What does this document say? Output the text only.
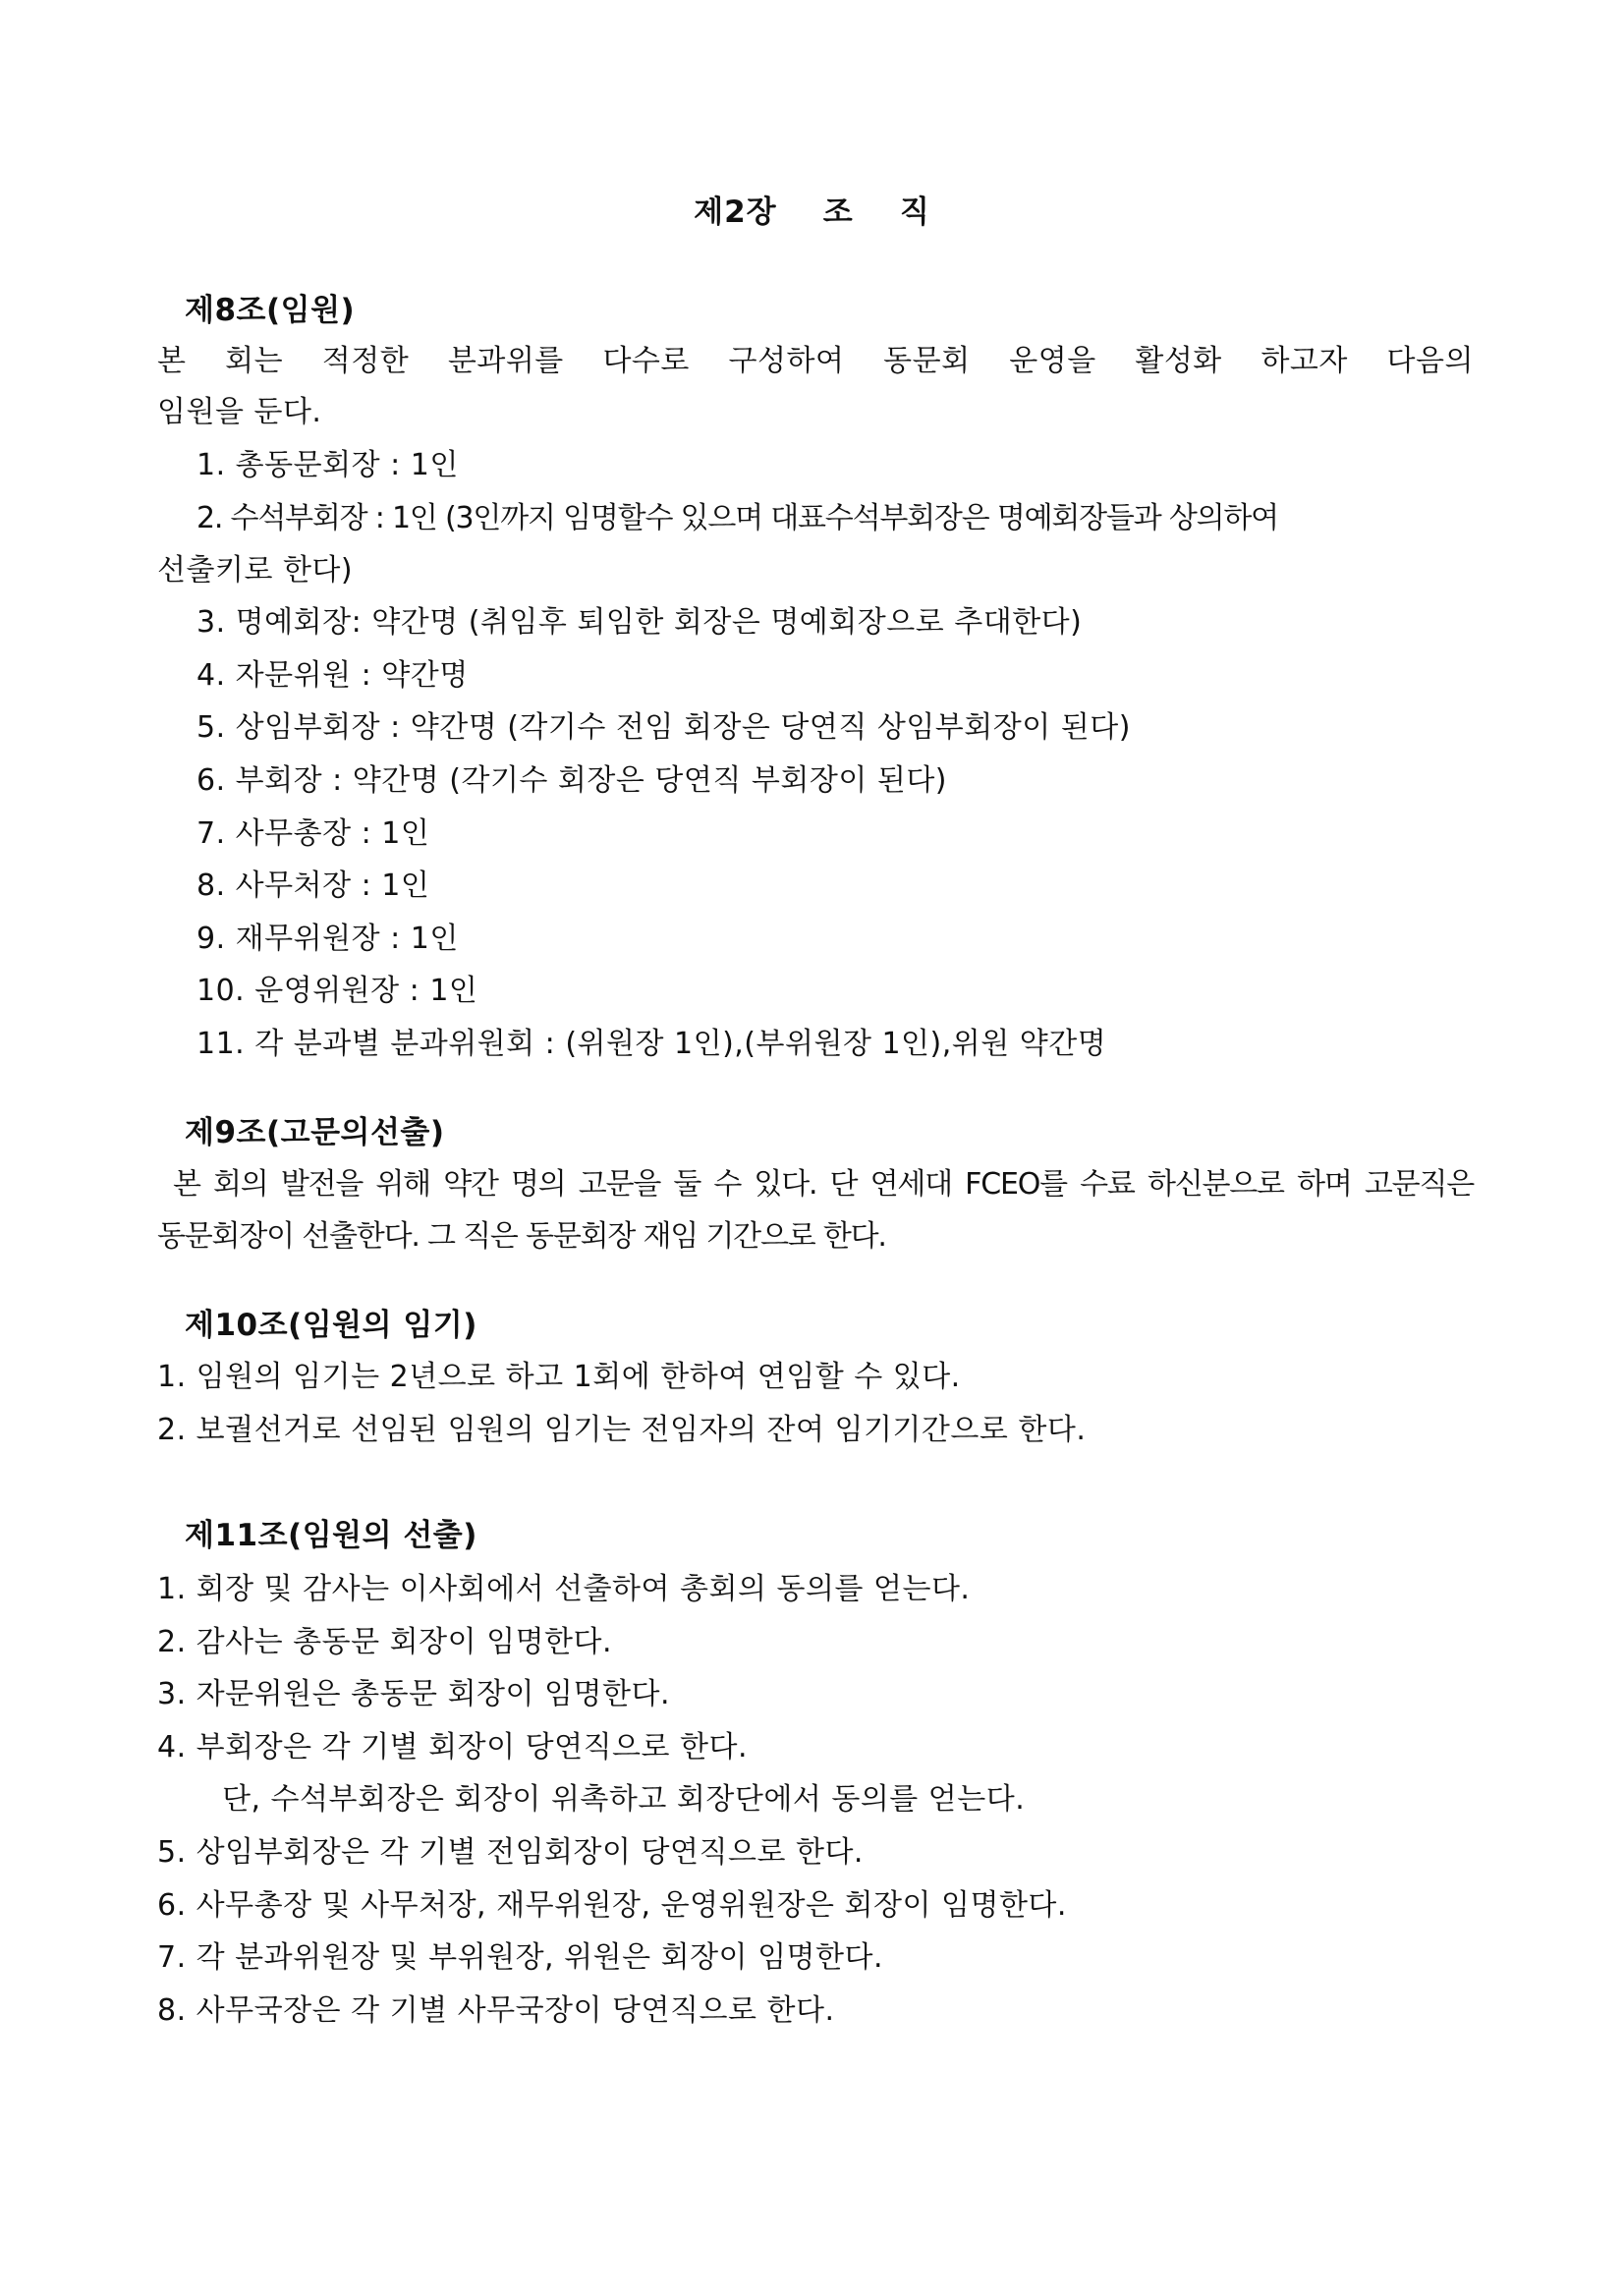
제2장    조    직
제8조(임원)
본 회는 적정한 분과위를 다수로 구성하여 동문회 운영을 활성화 하고자 다음의
임원을 둔다.
1. 총동문회장 : 1인
2. 수석부회장 : 1인 (3인까지 임명할수 있으며 대표수석부회장은 명예회장들과 상의하여
선출키로 한다)
3. 명예회장: 약간명 (취임후 퇴임한 회장은 명예회장으로 추대한다)
4. 자문위원 : 약간명
5. 상임부회장 : 약간명 (각기수 전임 회장은 당연직 상임부회장이 된다)
6. 부회장 : 약간명 (각기수 회장은 당연직 부회장이 된다)
7. 사무총장 : 1인
8. 사무처장 : 1인
9. 재무위원장 : 1인
10. 운영위원장 : 1인
11. 각 분과별 분과위원회 : (위원장 1인),(부위원장 1인),위원 약간명
제9조(고문의선출)
본 회의 발전을 위해 약간 명의 고문을 둘 수 있다. 단 연세대 FCEO를 수료 하신분으로 하며 고문직은
동문회장이 선출한다. 그 직은 동문회장 재임 기간으로 한다.
제10조(임원의 임기)
1. 임원의 임기는 2년으로 하고 1회에 한하여 연임할 수 있다.
2. 보궐선거로 선임된 임원의 임기는 전임자의 잔여 임기기간으로 한다.
제11조(임원의 선출)
1. 회장 및 감사는 이사회에서 선출하여 총회의 동의를 얻는다.
2. 감사는 총동문 회장이 임명한다.
3. 자문위원은 총동문 회장이 임명한다.
4. 부회장은 각 기별 회장이 당연직으로 한다.
단, 수석부회장은 회장이 위촉하고 회장단에서 동의를 얻는다.
5. 상임부회장은 각 기별 전임회장이 당연직으로 한다.
6. 사무총장 및 사무처장, 재무위원장, 운영위원장은 회장이 임명한다.
7. 각 분과위원장 및 부위원장, 위원은 회장이 임명한다.
8. 사무국장은 각 기별 사무국장이 당연직으로 한다.
